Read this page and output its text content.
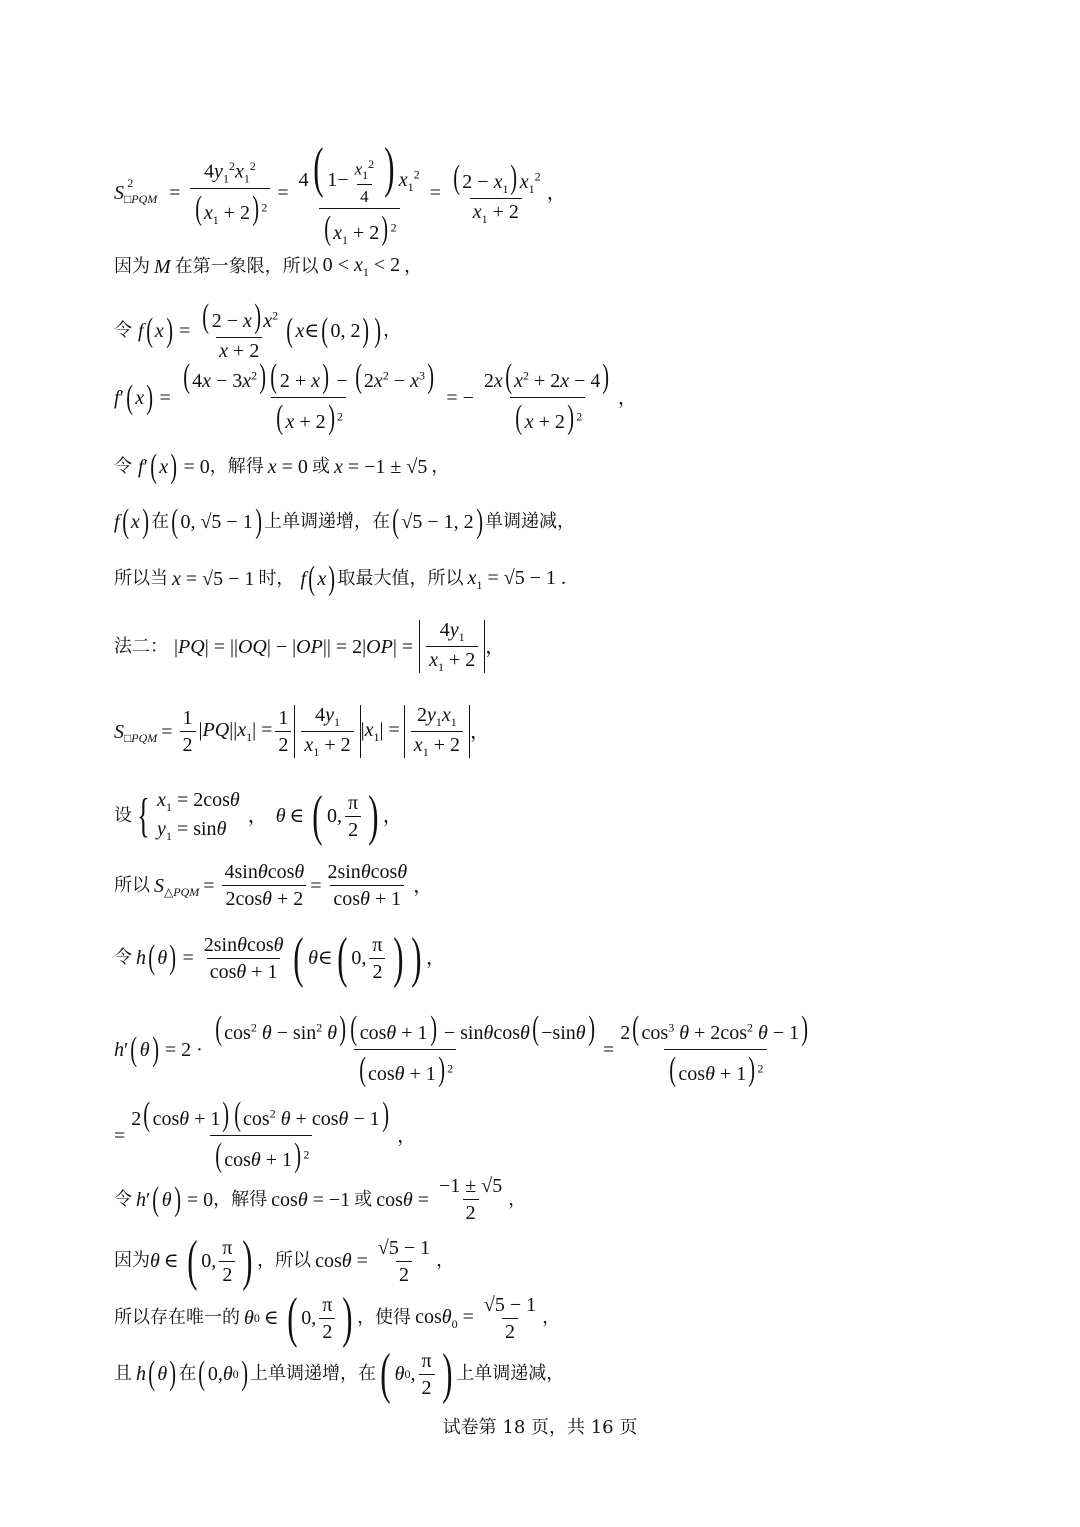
$S_{□PQM}$
$^2 = \frac{4y_1^2x_1^2}{( x_1 + 2) ^2} = \frac{4( 1- \frac{x_1^2}{4} ) x_1^2}{( x_1 + 2) ^2} = \frac{( 2 - x_1) x_1^2}{x_1 + 2}$ ，
因为 M 在第一象限，所以 $0 < x_1 < 2$ ，
令 f ( x ) = $\frac{( 2 - x) x^2}{x + 2}$ ( x ∈ ( 0, 2 ) ) ，
f ′ ( x ) = $\frac{( 4x - 3x^2) ( 2 + x) - ( 2x^2 - x^3)}{( x + 2) ^2}$ = − $\frac{2x( x^2 + 2x - 4)}{( x + 2) ^2}$ ，
令 f ′ ( x ) = 0 ，解得 x = 0 或 x = −1 ± √5 ，
f ( x ) 在 ( 0, √5 − 1 ) 上单调递增，在 ( √5 − 1, 2 ) 单调递减，
所以当 x = √5 − 1 时， f ( x ) 取最大值，所以 $x_1 = √5 - 1$ .
法二： $|PQ| = ||OQ| - |OP|| = 2|OP| = \frac{4y_1}{x_1 + 2}$ ，
$S_{□PQM} = \frac{1}{2} |PQ||x_1| = \frac{1}{2} \frac{4y_1}{x_1 + 2} |x_1| = \frac{2y_1x_1}{x_1 + 2}$ ，
设 { $x_1 = 2\cos\theta$
$y_1 = \sin\theta$
， θ ∈ ( 0, $\frac{\pi}{2}$ ) ，
所以 $S_{\triangle PQM} = \frac{4\sin\theta\cos\theta}{2\cos\theta + 2} = \frac{2\sin\theta\cos\theta}{\cos\theta + 1}$ ，
令 h ( θ ) = $\frac{2\sin\theta\cos\theta}{\cos\theta + 1}$ ( θ ∈ ( 0, $\frac{\pi}{2}$ ) ) ，
h ′ ( θ ) = $2 \cdot \frac{( \cos^2 \theta - \sin^2 \theta) ( \cos\theta + 1) - \sin\theta\cos\theta( -\sin\theta)}{( \cos\theta + 1) ^2} = \frac{2( \cos^3 \theta + 2\cos^2 \theta - 1)}{( \cos\theta + 1) ^2}$
= $\frac{2( \cos\theta + 1) ( \cos^2 \theta + \cos\theta - 1)}{( \cos\theta + 1) ^2}$ ，
令 h ′ ( θ ) = 0 ，解得 cosθ = −1 或 $\cos\theta = \frac{-1 \pm √5}{2}$ ，
因为 θ ∈ ( 0, $\frac{\pi}{2}$ ) ，所以 $\cos\theta = \frac{√5 - 1}{2}$ ，
所以存在唯一的 θ 0 ∈ ( 0, $\frac{\pi}{2}$ ) ，使得 $\cos\theta_0 = \frac{√5 - 1}{2}$ ，
且 h ( θ ) 在 ( 0, θ 0 ) 上单调递增，在 ( θ 0 , $\frac{\pi}{2}$ ) 上单调递减，
试卷第 18 页，共 16 页
